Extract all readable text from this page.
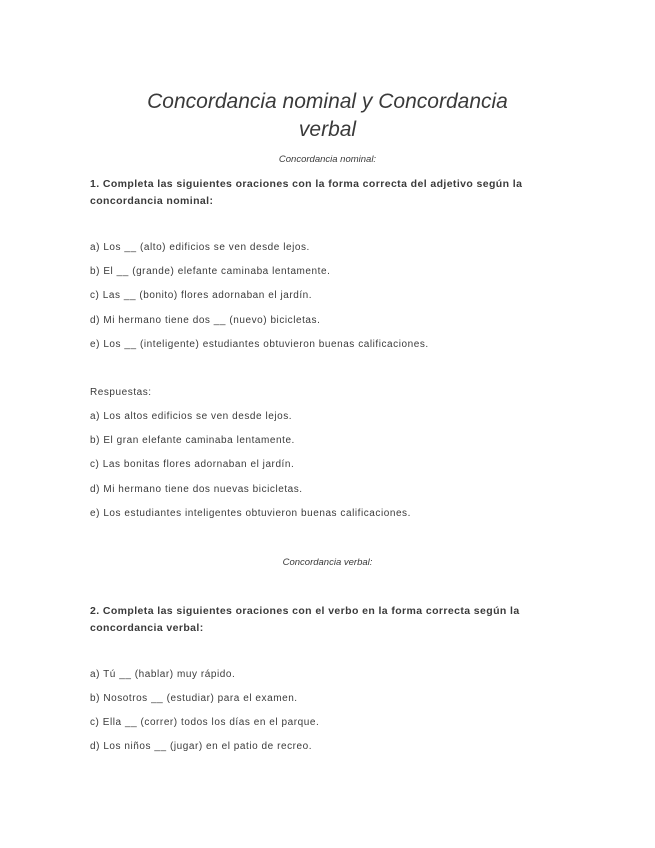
Concordancia nominal y Concordancia
verbal
Concordancia nominal:
1. Completa las siguientes oraciones con la forma correcta del adjetivo según la concordancia nominal:
a) Los __ (alto) edificios se ven desde lejos.
b) El __ (grande) elefante caminaba lentamente.
c) Las __ (bonito) flores adornaban el jardín.
d) Mi hermano tiene dos __ (nuevo) bicicletas.
e) Los __ (inteligente) estudiantes obtuvieron buenas calificaciones.
Respuestas:
a) Los altos edificios se ven desde lejos.
b) El gran elefante caminaba lentamente.
c) Las bonitas flores adornaban el jardín.
d) Mi hermano tiene dos nuevas bicicletas.
e) Los estudiantes inteligentes obtuvieron buenas calificaciones.
Concordancia verbal:
2. Completa las siguientes oraciones con el verbo en la forma correcta según la concordancia verbal:
a) Tú __ (hablar) muy rápido.
b) Nosotros __ (estudiar) para el examen.
c) Ella __ (correr) todos los días en el parque.
d) Los niños __ (jugar) en el patio de recreo.
